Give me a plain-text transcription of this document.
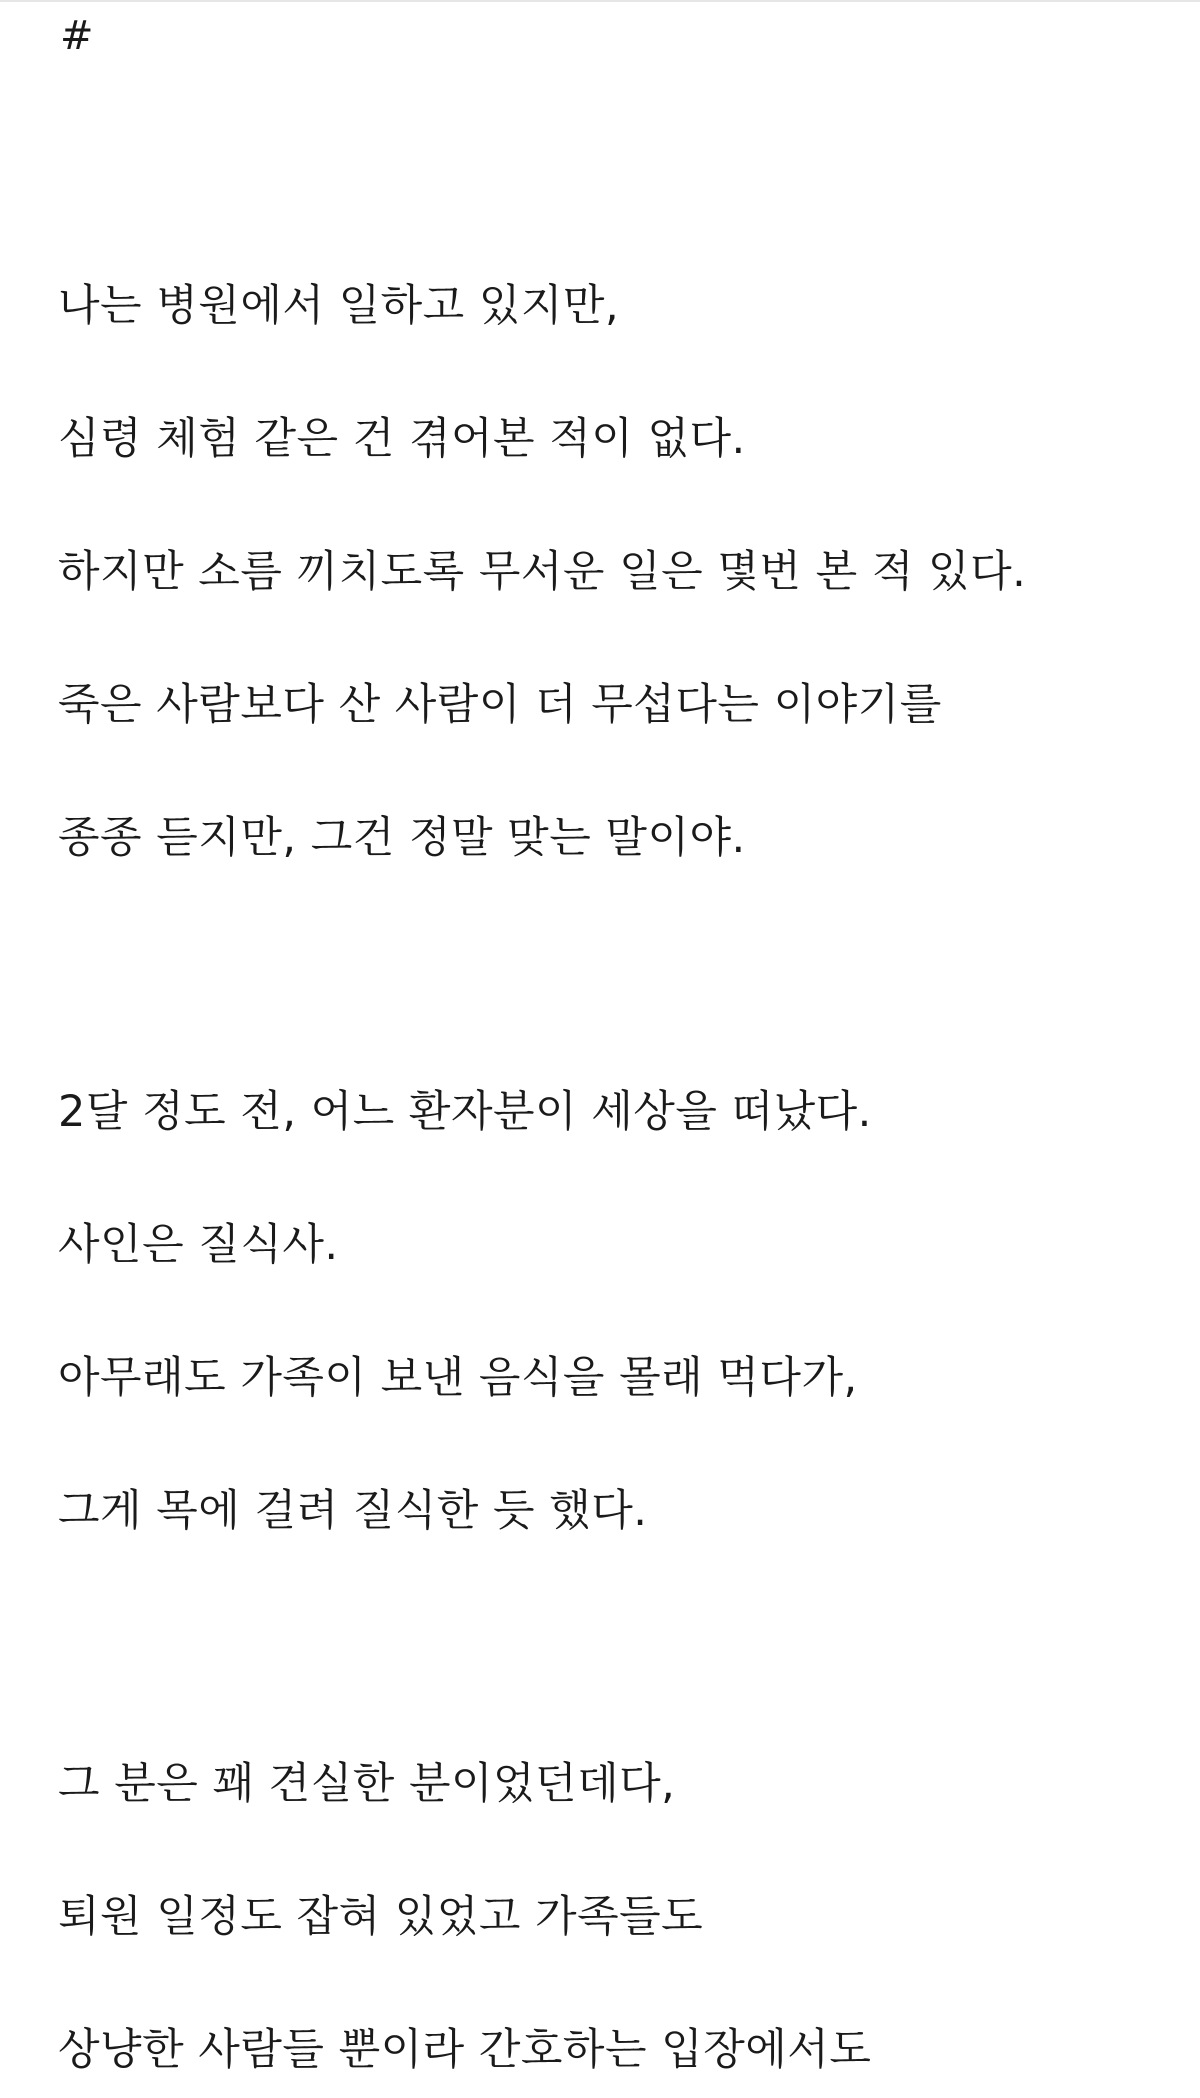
#
나는 병원에서 일하고 있지만,
심령 체험 같은 건 겪어본 적이 없다.
하지만 소름 끼치도록 무서운 일은 몇번 본 적 있다.
죽은 사람보다 산 사람이 더 무섭다는 이야기를
종종 듣지만, 그건 정말 맞는 말이야.
2달 정도 전, 어느 환자분이 세상을 떠났다.
사인은 질식사.
아무래도 가족이 보낸 음식을 몰래 먹다가,
그게 목에 걸려 질식한 듯 했다.
그 분은 꽤 견실한 분이었던데다,
퇴원 일정도 잡혀 있었고 가족들도
상냥한 사람들 뿐이라 간호하는 입장에서도
